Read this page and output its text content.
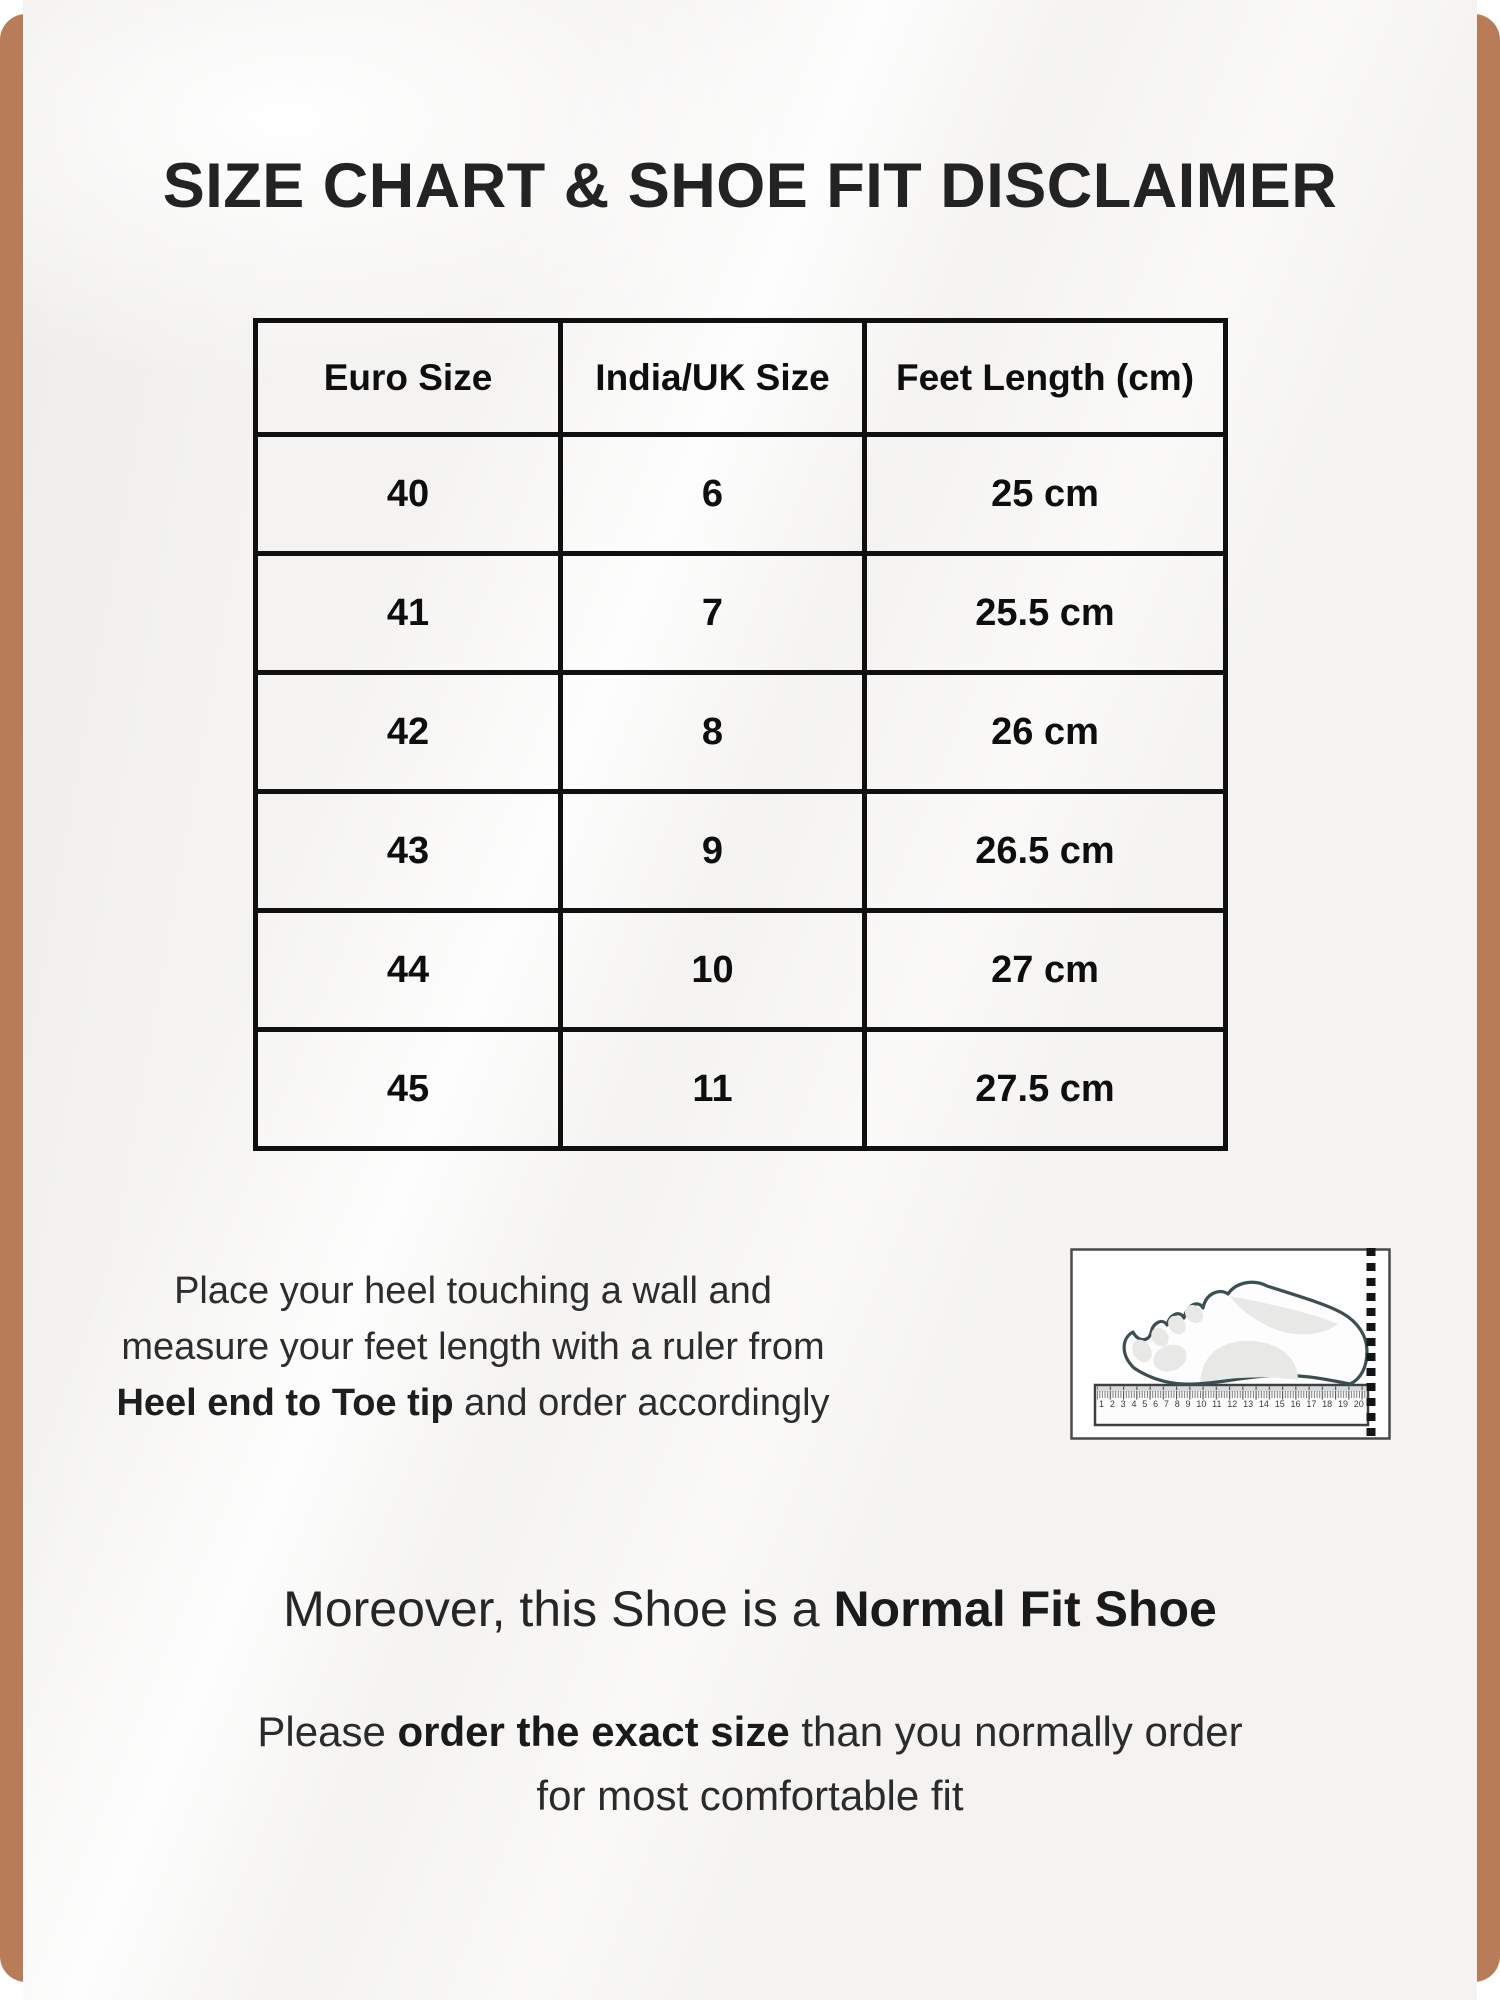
SIZE CHART & SHOE FIT DISCLAIMER
Euro Size	India/UK Size	Feet Length (cm)
40	6	25 cm
41	7	25.5 cm
42	8	26 cm
43	9	26.5 cm
44	10	27 cm
45	11	27.5 cm
Place your heel touching a wall and
measure your feet length with a ruler from
Heel end to Toe tip and order accordingly	1 2 3 4 5 6 7 8 9 10 11 12 13 14 15 16 17 18 19 20
Moreover, this Shoe is a Normal Fit Shoe
Please order the exact size than you normally order
for most comfortable fit
